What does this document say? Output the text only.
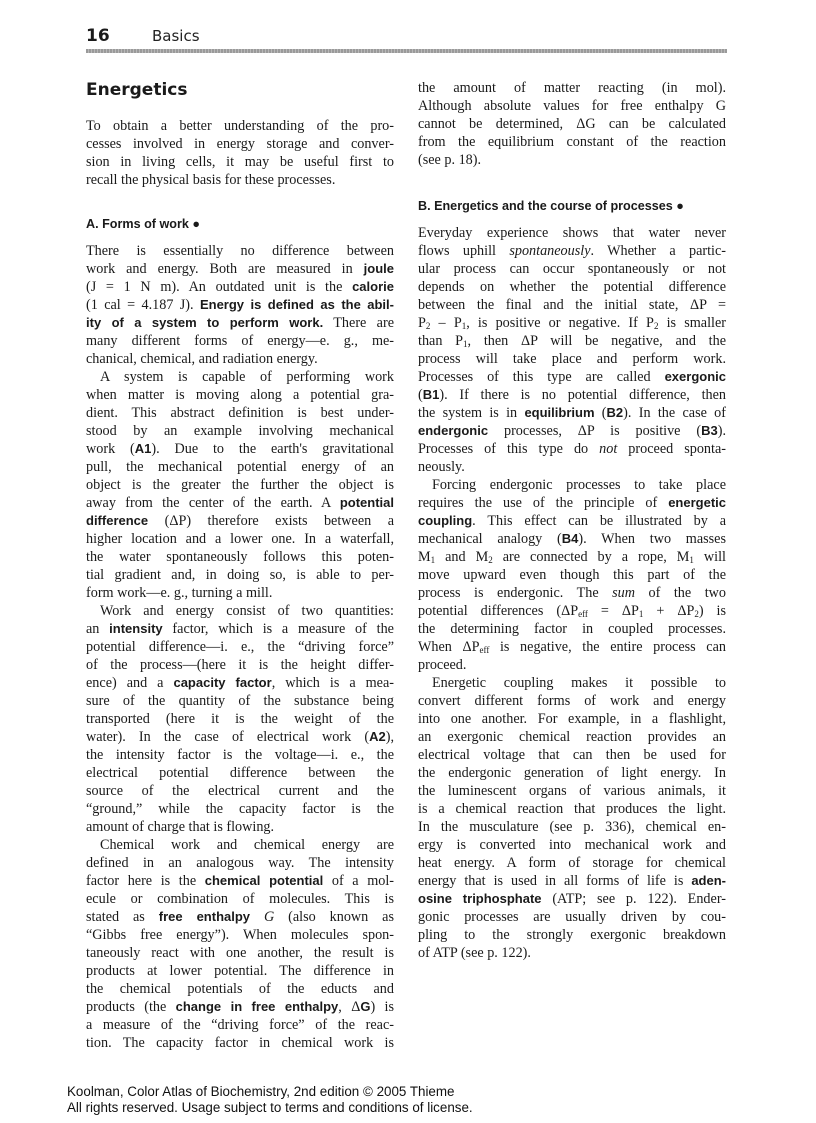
16	Basics
Energetics
To obtain a better understanding of the pro-
cesses involved in energy storage and conver-
sion in living cells, it may be useful first to
recall the physical basis for these processes.
A. Forms of work ●
There is essentially no difference between
work and energy. Both are measured in joule
(J = 1 N m). An outdated unit is the calorie
(1 cal = 4.187 J). Energy is defined as the abil-
ity of a system to perform work. There are
many different forms of energy—e. g., me-
chanical, chemical, and radiation energy.
A system is capable of performing work
when matter is moving along a potential gra-
dient. This abstract definition is best under-
stood by an example involving mechanical
work (A1). Due to the earth's gravitational
pull, the mechanical potential energy of an
object is the greater the further the object is
away from the center of the earth. A potential
difference (ΔP) therefore exists between a
higher location and a lower one. In a waterfall,
the water spontaneously follows this poten-
tial gradient and, in doing so, is able to per-
form work—e. g., turning a mill.
Work and energy consist of two quantities:
an intensity factor, which is a measure of the
potential difference—i. e., the “driving force”
of the process—(here it is the height differ-
ence) and a capacity factor, which is a mea-
sure of the quantity of the substance being
transported (here it is the weight of the
water). In the case of electrical work (A2),
the intensity factor is the voltage—i. e., the
electrical potential difference between the
source of the electrical current and the
“ground,” while the capacity factor is the
amount of charge that is flowing.
Chemical work and chemical energy are
defined in an analogous way. The intensity
factor here is the chemical potential of a mol-
ecule or combination of molecules. This is
stated as free enthalpy G (also known as
“Gibbs free energy”). When molecules spon-
taneously react with one another, the result is
products at lower potential. The difference in
the chemical potentials of the educts and
products (the change in free enthalpy, ΔG) is
a measure of the “driving force” of the reac-
tion. The capacity factor in chemical work is
the amount of matter reacting (in mol).
Although absolute values for free enthalpy G
cannot be determined, ΔG can be calculated
from the equilibrium constant of the reaction
(see p. 18).
B. Energetics and the course of processes ●
Everyday experience shows that water never
flows uphill spontaneously. Whether a partic-
ular process can occur spontaneously or not
depends on whether the potential difference
between the final and the initial state, ΔP =
$P_2 - P_1$, is positive or negative. If $P_2$ is smaller
than $P_1$, then ΔP will be negative, and the
process will take place and perform work.
Processes of this type are called exergonic
(B1). If there is no potential difference, then
the system is in equilibrium (B2). In the case of
endergonic processes, ΔP is positive (B3).
Processes of this type do not proceed sponta-
neously.
Forcing endergonic processes to take place
requires the use of the principle of energetic
coupling. This effect can be illustrated by a
mechanical analogy (B4). When two masses
$M_1$ and $M_2$ are connected by a rope, $M_1$ will
move upward even though this part of the
process is endergonic. The sum of the two
potential differences $(\Delta P_{eff} = \Delta P_1 + \Delta P_2)$ is
the determining factor in coupled processes.
When $\Delta P_{eff}$ is negative, the entire process can
proceed.
Energetic coupling makes it possible to
convert different forms of work and energy
into one another. For example, in a flashlight,
an exergonic chemical reaction provides an
electrical voltage that can then be used for
the endergonic generation of light energy. In
the luminescent organs of various animals, it
is a chemical reaction that produces the light.
In the musculature (see p. 336), chemical en-
ergy is converted into mechanical work and
heat energy. A form of storage for chemical
energy that is used in all forms of life is aden-
osine triphosphate (ATP; see p. 122). Ender-
gonic processes are usually driven by cou-
pling to the strongly exergonic breakdown
of ATP (see p. 122).
Koolman, Color Atlas of Biochemistry, 2nd edition © 2005 Thieme
All rights reserved. Usage subject to terms and conditions of license.
